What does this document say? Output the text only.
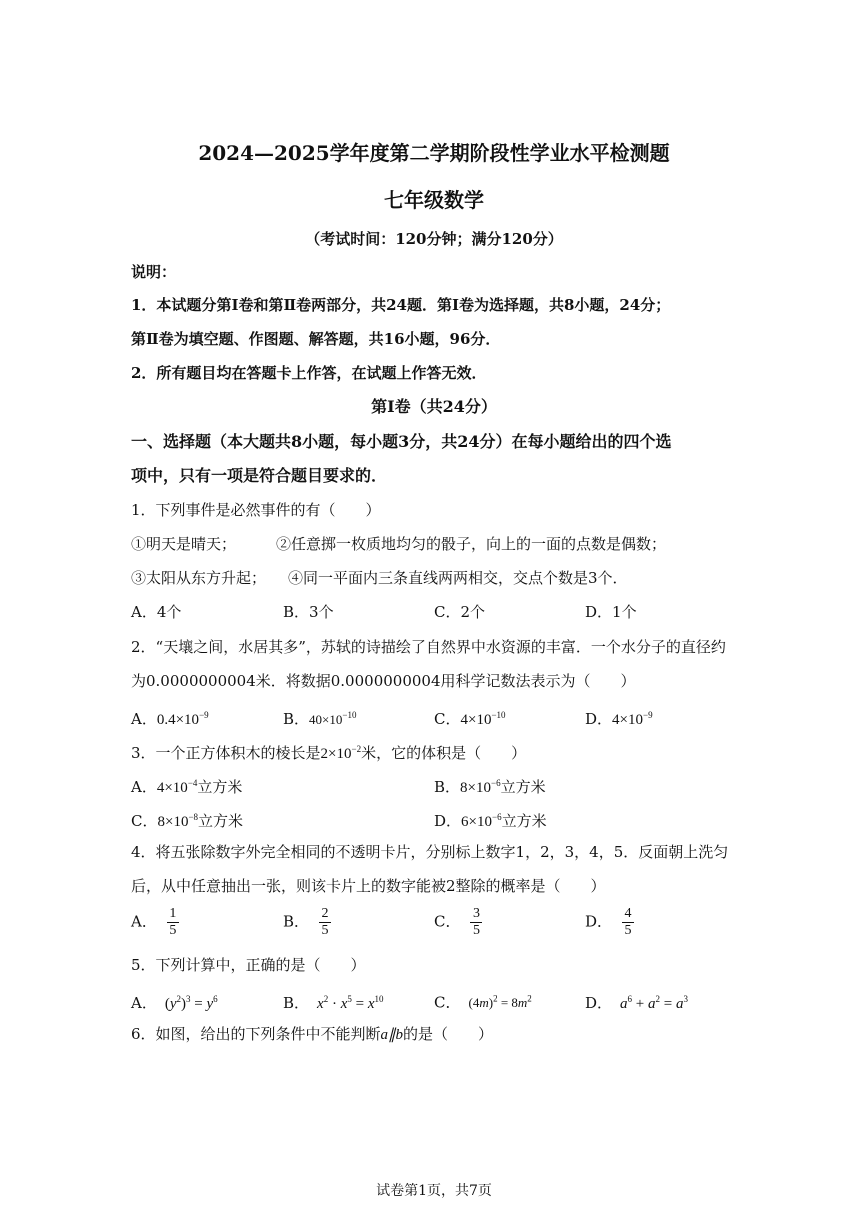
2024—2025学年度第二学期阶段性学业水平检测题
七年级数学
（考试时间：120分钟；满分120分）
说明：
1．本试题分第Ⅰ卷和第Ⅱ卷两部分，共24题．第Ⅰ卷为选择题，共8小题，24分；
第Ⅱ卷为填空题、作图题、解答题，共16小题，96分．
2．所有题目均在答题卡上作答，在试题上作答无效．
第Ⅰ卷（共24分）
一、选择题（本大题共8小题，每小题3分，共24分）在每小题给出的四个选
项中，只有一项是符合题目要求的．
1．下列事件是必然事件的有（　　）
①明天是晴天；	②任意掷一枚质地均匀的骰子，向上的一面的点数是偶数；
③太阳从东方升起； ④同一平面内三条直线两两相交，交点个数是3个．
A．4个	B．3个	C．2个	D．1个
2．“天壤之间，水居其多”，苏轼的诗描绘了自然界中水资源的丰富．一个水分子的直径约
为0.0000000004米．将数据0.0000000004用科学记数法表示为（　　）
A．$0.4\times 10^{-9}$	B．$40\times 10^{-10}$	C．$4\times 10^{-10}$	D．$4\times 10^{-9}$
3．一个正方体积木的棱长是$2\times 10^{-2}$米，它的体积是（　　）
A．$4\times 10^{-4}$立方米	B．$8\times 10^{-6}$立方米
C．$8\times 10^{-8}$立方米	D．$6\times 10^{-6}$立方米
4．将五张除数字外完全相同的不透明卡片，分别标上数字1，2，3，4，5．反面朝上洗匀
后，从中任意抽出一张，则该卡片上的数字能被2整除的概率是（　　）
A． $\frac{1}{5}$	B． $\frac{2}{5}$	C． $\frac{3}{5}$	D． $\frac{4}{5}$
5．下列计算中，正确的是（　　）
A． $(y^2)^3 = y^6$	B． $x^2 \cdot x^5 = x^{10}$	C． $(4m)^2 = 8m^2$	D． $a^6 + a^2 = a^3$
6．如图，给出的下列条件中不能判断a∥b的是（　　）
试卷第1页，共7页
